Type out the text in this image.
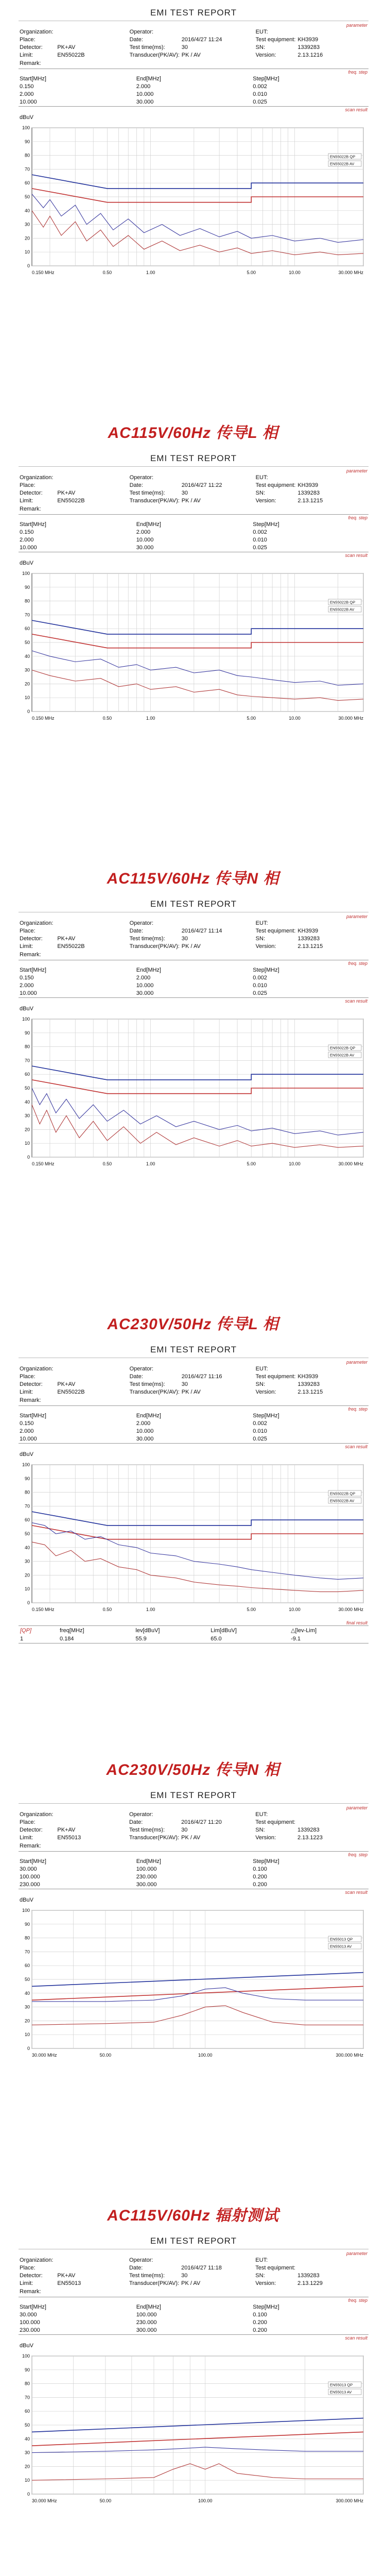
EMI TEST REPORT
parameter
Organization:		Operator:		EUT:	
Place:		Date:	2016/4/27 11:24	Test equipment:	KH3939
Detector:	PK+AV	Test time(ms):	30	SN:	1339283
Limit:	EN55022B	Transducer(PK/AV):	PK / AV	Version:	2.13.1216
Remark:
freq. step
Start[MHz]	End[MHz]	Step[MHz]
0.150	2.000	0.002
2.000	10.000	0.010
10.000	30.000	0.025
scan result
dBuV
0
10
20
30
40
50
60
70
80
90
100
0.150 MHz	0.50	1.00	5.00	10.00	30.000 MHz
EN55022B QP
EN55022B AV
EMI TEST REPORT
parameter
Organization:		Operator:		EUT:	
Place:		Date:	2016/4/27 11:22	Test equipment:	KH3939
Detector:	PK+AV	Test time(ms):	30	SN:	1339283
Limit:	EN55022B	Transducer(PK/AV):	PK / AV	Version:	2.13.1215
Remark:
freq. step
Start[MHz]	End[MHz]	Step[MHz]
0.150	2.000	0.002
2.000	10.000	0.010
10.000	30.000	0.025
scan result
dBuV
0
10
20
30
40
50
60
70
80
90
100
0.150 MHz	0.50	1.00	5.00	10.00	30.000 MHz
EN55022B QP
EN55022B AV
EMI TEST REPORT
parameter
Organization:		Operator:		EUT:	
Place:		Date:	2016/4/27 11:14	Test equipment:	KH3939
Detector:	PK+AV	Test time(ms):	30	SN:	1339283
Limit:	EN55022B	Transducer(PK/AV):	PK / AV	Version:	2.13.1215
Remark:
freq. step
Start[MHz]	End[MHz]	Step[MHz]
0.150	2.000	0.002
2.000	10.000	0.010
10.000	30.000	0.025
scan result
dBuV
0
10
20
30
40
50
60
70
80
90
100
0.150 MHz	0.50	1.00	5.00	10.00	30.000 MHz
EN55022B QP
EN55022B AV
EMI TEST REPORT
parameter
Organization:		Operator:		EUT:	
Place:		Date:	2016/4/27 11:16	Test equipment:	KH3939
Detector:	PK+AV	Test time(ms):	30	SN:	1339283
Limit:	EN55022B	Transducer(PK/AV):	PK / AV	Version:	2.13.1215
Remark:
freq. step
Start[MHz]	End[MHz]	Step[MHz]
0.150	2.000	0.002
2.000	10.000	0.010
10.000	30.000	0.025
scan result
dBuV
0
10
20
30
40
50
60
70
80
90
100
0.150 MHz	0.50	1.00	5.00	10.00	30.000 MHz
EN55022B QP
EN55022B AV
final result
[QP]	freq[MHz]	lev[dBuV]	Lim[dBuV]	△[lev-Lim]
1	0.184	55.9	65.0	-9.1
EMI TEST REPORT
parameter
Organization:		Operator:		EUT:	
Place:		Date:	2016/4/27 11:20	Test equipment:	
Detector:	PK+AV	Test time(ms):	30	SN:	1339283
Limit:	EN55013	Transducer(PK/AV):	PK / AV	Version:	2.13.1223
Remark:
freq. step
Start[MHz]	End[MHz]	Step[MHz]
30.000	100.000	0.100
100.000	230.000	0.200
230.000	300.000	0.200
scan result
dBuV
0
10
20
30
40
50
60
70
80
90
100
30.000 MHz	50.00	100.00	300.000 MHz
EN55013 QP
EN55013 AV
EMI TEST REPORT
parameter
Organization:		Operator:		EUT:	
Place:		Date:	2016/4/27 11:18	Test equipment:	
Detector:	PK+AV	Test time(ms):	30	SN:	1339283
Limit:	EN55013	Transducer(PK/AV):	PK / AV	Version:	2.13.1229
Remark:
freq. step
Start[MHz]	End[MHz]	Step[MHz]
30.000	100.000	0.100
100.000	230.000	0.200
230.000	300.000	0.200
scan result
dBuV
0
10
20
30
40
50
60
70
80
90
100
30.000 MHz	50.00	100.00	300.000 MHz
EN55013 QP
EN55013 AV
AC115V/60Hz 传导L 相
AC115V/60Hz 传导N 相
AC230V/50Hz 传导L 相
AC230V/50Hz 传导N 相
AC115V/60Hz 辐射测试
